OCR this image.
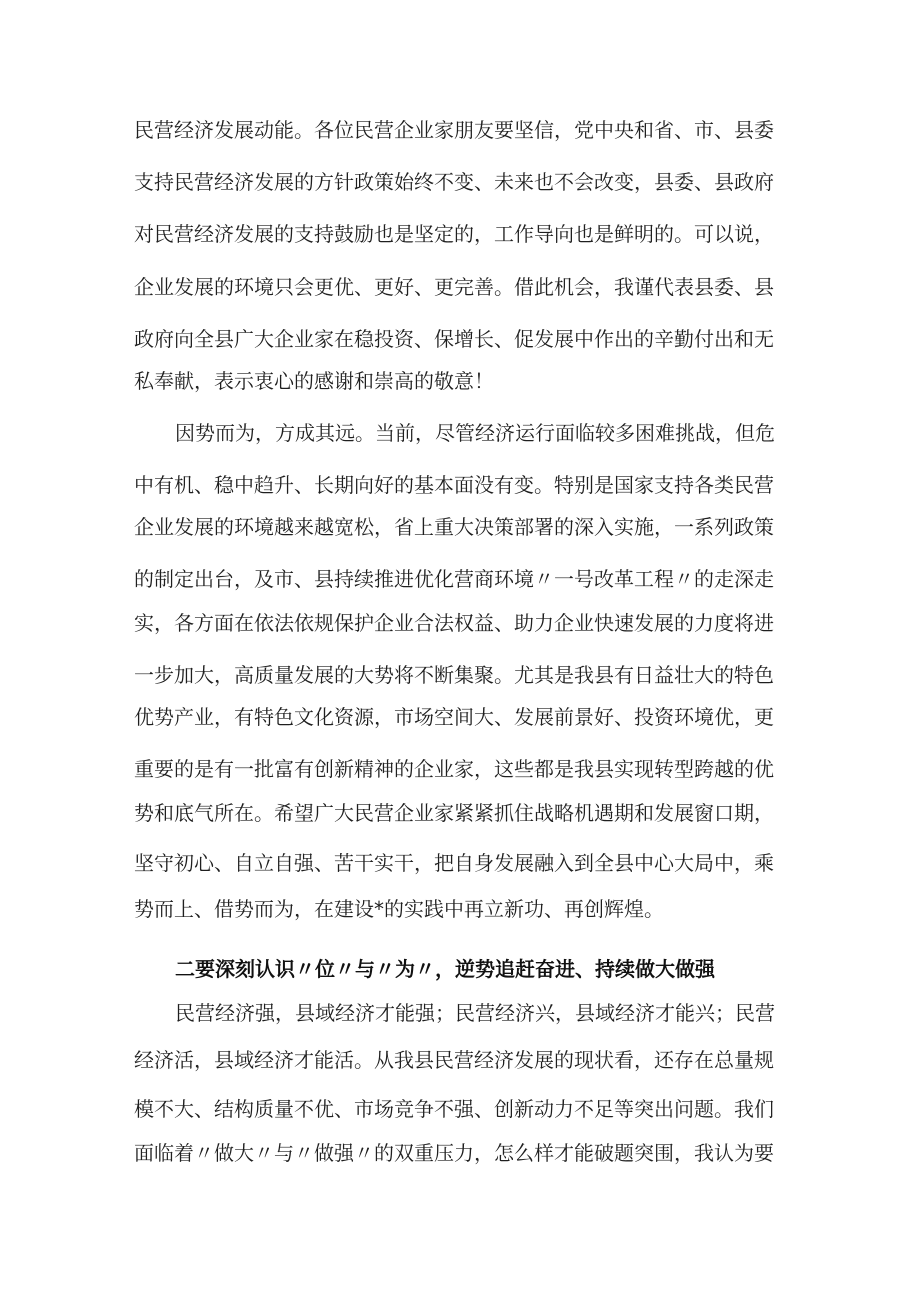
民营经济发展动能。各位民营企业家朋友要坚信，党中央和省、市、县委

支持民营经济发展的方针政策始终不变、未来也不会改变，县委、县政府

对民营经济发展的支持鼓励也是坚定的，工作导向也是鲜明的。可以说，

企业发展的环境只会更优、更好、更完善。借此机会，我谨代表县委、县

政府向全县广大企业家在稳投资、保增长、促发展中作出的辛勤付出和无

私奉献，表示衷心的感谢和崇高的敬意！

因势而为，方成其远。当前，尽管经济运行面临较多困难挑战，但危

中有机、稳中趋升、长期向好的基本面没有变。特别是国家支持各类民营

企业发展的环境越来越宽松，省上重大决策部署的深入实施，一系列政策

的制定出台，及市、县持续推进优化营商环境〃一号改革工程〃的走深走

实，各方面在依法依规保护企业合法权益、助力企业快速发展的力度将进

一步加大，高质量发展的大势将不断集聚。尤其是我县有日益壮大的特色

优势产业，有特色文化资源，市场空间大、发展前景好、投资环境优，更

重要的是有一批富有创新精神的企业家，这些都是我县实现转型跨越的优

势和底气所在。希望广大民营企业家紧紧抓住战略机遇期和发展窗口期，

坚守初心、自立自强、苦干实干，把自身发展融入到全县中心大局中，乘

势而上、借势而为，在建设*的实践中再立新功、再创辉煌。

二要深刻认识〃位〃与〃为〃，逆势追赶奋进、持续做大做强

民营经济强，县域经济才能强；民营经济兴，县域经济才能兴；民营

经济活，县域经济才能活。从我县民营经济发展的现状看，还存在总量规

模不大、结构质量不优、市场竞争不强、创新动力不足等突出问题。我们

面临着〃做大〃与〃做强〃的双重压力，怎么样才能破题突围，我认为要
